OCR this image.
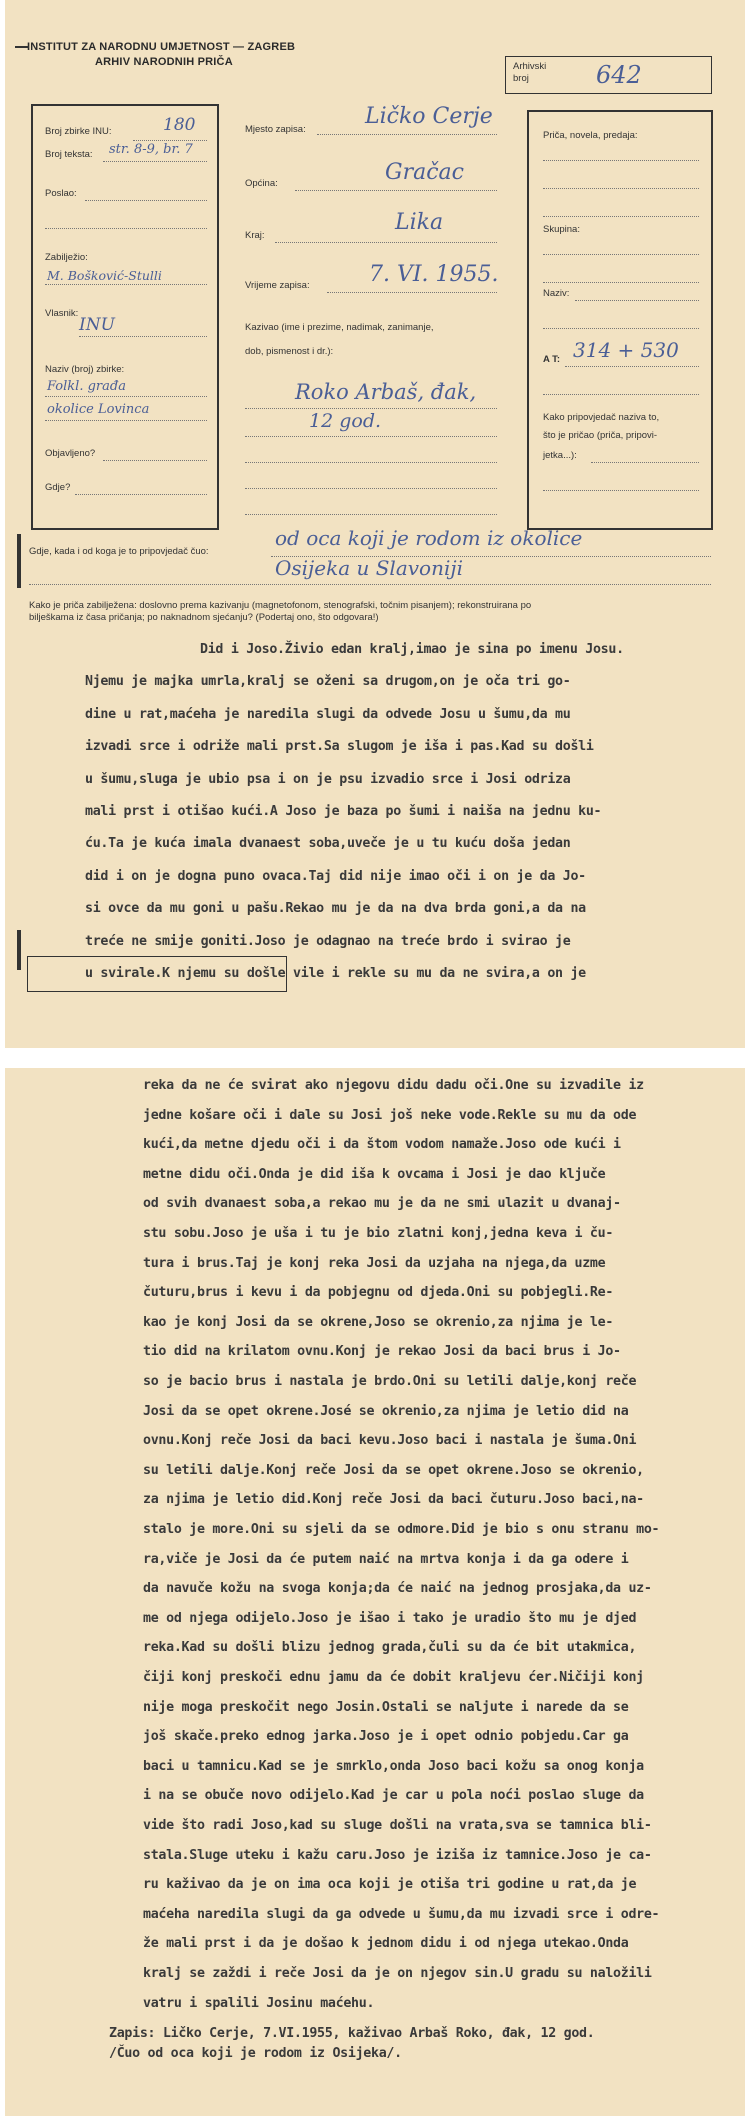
INSTITUT ZA NARODNU UMJETNOST — ZAGREB
ARHIV NARODNIH PRIČA	Arhivski broj	642
Broj zbirke INU:	180
Broj teksta: str. 8-9, br. 7
Poslao:
Zabilježio:
M. Bošković-Stulli
Vlasnik:
INU
Naziv (broj) zbirke:
Folkl. građa
okolice Lovinca
Objavljeno?
Gdje?
Mjesto zapisa:
Ličko Cerje
Općina:	Gračac
Kraj:
Lika
Vrijeme zapisa:	7. VI. 1955.
Kazivao (ime i prezime, nadimak, zanimanje,
dob, pismenost i dr.):
Roko Arbaš, đak,
12 god.
Priča, novela, predaja:
Skupina:
Naziv:
A T: 314 + 530
Kako pripovjedač naziva to,
što je pričao (priča, pripovi-
jetka...):
Gdje, kada i od koga je to pripovjedač čuo:
od oca koji je rodom iz okolice
Osijeka u Slavoniji
Kako je priča zabilježena: doslovno prema kazivanju (magnetofonom, stenografski, točnim pisanjem); rekonstruirana po
bilješkama iz časa pričanja; po naknadnom sjećanju? (Podertaj ono, što odgovara!)
Did i Joso.Živio edan kralj,imao je sina po imenu Josu.
Njemu je majka umrla,kralj se oženi sa drugom,on je oča tri go-
dine u rat,maćeha je naredila slugi da odvede Josu u šumu,da mu
izvadi srce i odriže mali prst.Sa slugom je iša i pas.Kad su došli
u šumu,sluga je ubio psa i on je psu izvadio srce i Josi odriza
mali prst i otišao kući.A Joso je baza po šumi i naiša na jednu ku-
ću.Ta je kuća imala dvanaest soba,uveče je u tu kuću doša jedan
did i on je dogna puno ovaca.Taj did nije imao oči i on je da Jo-
si ovce da mu goni u pašu.Rekao mu je da na dva brda goni,a da na
treće ne smije goniti.Joso je odagnao na treće brdo i svirao je
u svirale.K njemu su došle vile i rekle su mu da ne svira,a on je
reka da ne će svirat ako njegovu didu dadu oči.One su izvadile iz
jedne košare oči i dale su Josi još neke vode.Rekle su mu da ode
kući,da metne djedu oči i da štom vodom namaže.Joso ode kući i
metne didu oči.Onda je did iša k ovcama i Josi je dao ključe
od svih dvanaest soba,a rekao mu je da ne smi ulazit u dvanaj-
stu sobu.Joso je uša i tu je bio zlatni konj,jedna keva i ču-
tura i brus.Taj je konj reka Josi da uzjaha na njega,da uzme
čuturu,brus i kevu i da pobjegnu od djeda.Oni su pobjegli.Re-
kao je konj Josi da se okrene,Joso se okrenio,za njima je le-
tio did na krilatom ovnu.Konj je rekao Josi da baci brus i Jo-
so je bacio brus i nastala je brdo.Oni su letili dalje,konj reče
Josi da se opet okrene.José se okrenio,za njima je letio did na
ovnu.Konj reče Josi da baci kevu.Joso baci i nastala je šuma.Oni
su letili dalje.Konj reče Josi da se opet okrene.Joso se okrenio,
za njima je letio did.Konj reče Josi da baci čuturu.Joso baci,na-
stalo je more.Oni su sjeli da se odmore.Did je bio s onu stranu mo-
ra,viče je Josi da će putem naić na mrtva konja i da ga odere i
da navuče kožu na svoga konja;da će naić na jednog prosjaka,da uz-
me od njega odijelo.Joso je išao i tako je uradio što mu je djed
reka.Kad su došli blizu jednog grada,čuli su da će bit utakmica,
čiji konj preskoči ednu jamu da će dobit kraljevu ćer.Ničiji konj
nije moga preskočit nego Josin.Ostali se naljute i narede da se
još skače.preko ednog jarka.Joso je i opet odnio pobjedu.Car ga
baci u tamnicu.Kad se je smrklo,onda Joso baci kožu sa onog konja
i na se obuče novo odijelo.Kad je car u pola noći poslao sluge da
vide što radi Joso,kad su sluge došli na vrata,sva se tamnica bli-
stala.Sluge uteku i kažu caru.Joso je izišа iz tamnice.Joso je ca-
ru kaživao da je on ima oca koji je otiša tri godine u rat,da je
maćeha naredila slugi da ga odvede u šumu,da mu izvadi srce i odre-
že mali prst i da je došao k jednom didu i od njega utekao.Onda
kralj se zaždi i reče Josi da je on njegov sin.U gradu su naložili
vatru i spalili Josinu maćehu.
Zapis: Ličko Cerje, 7.VI.1955, kaživao Arbaš Roko, đak, 12 god.
/Čuo od oca koji je rodom iz Osijeka/.
